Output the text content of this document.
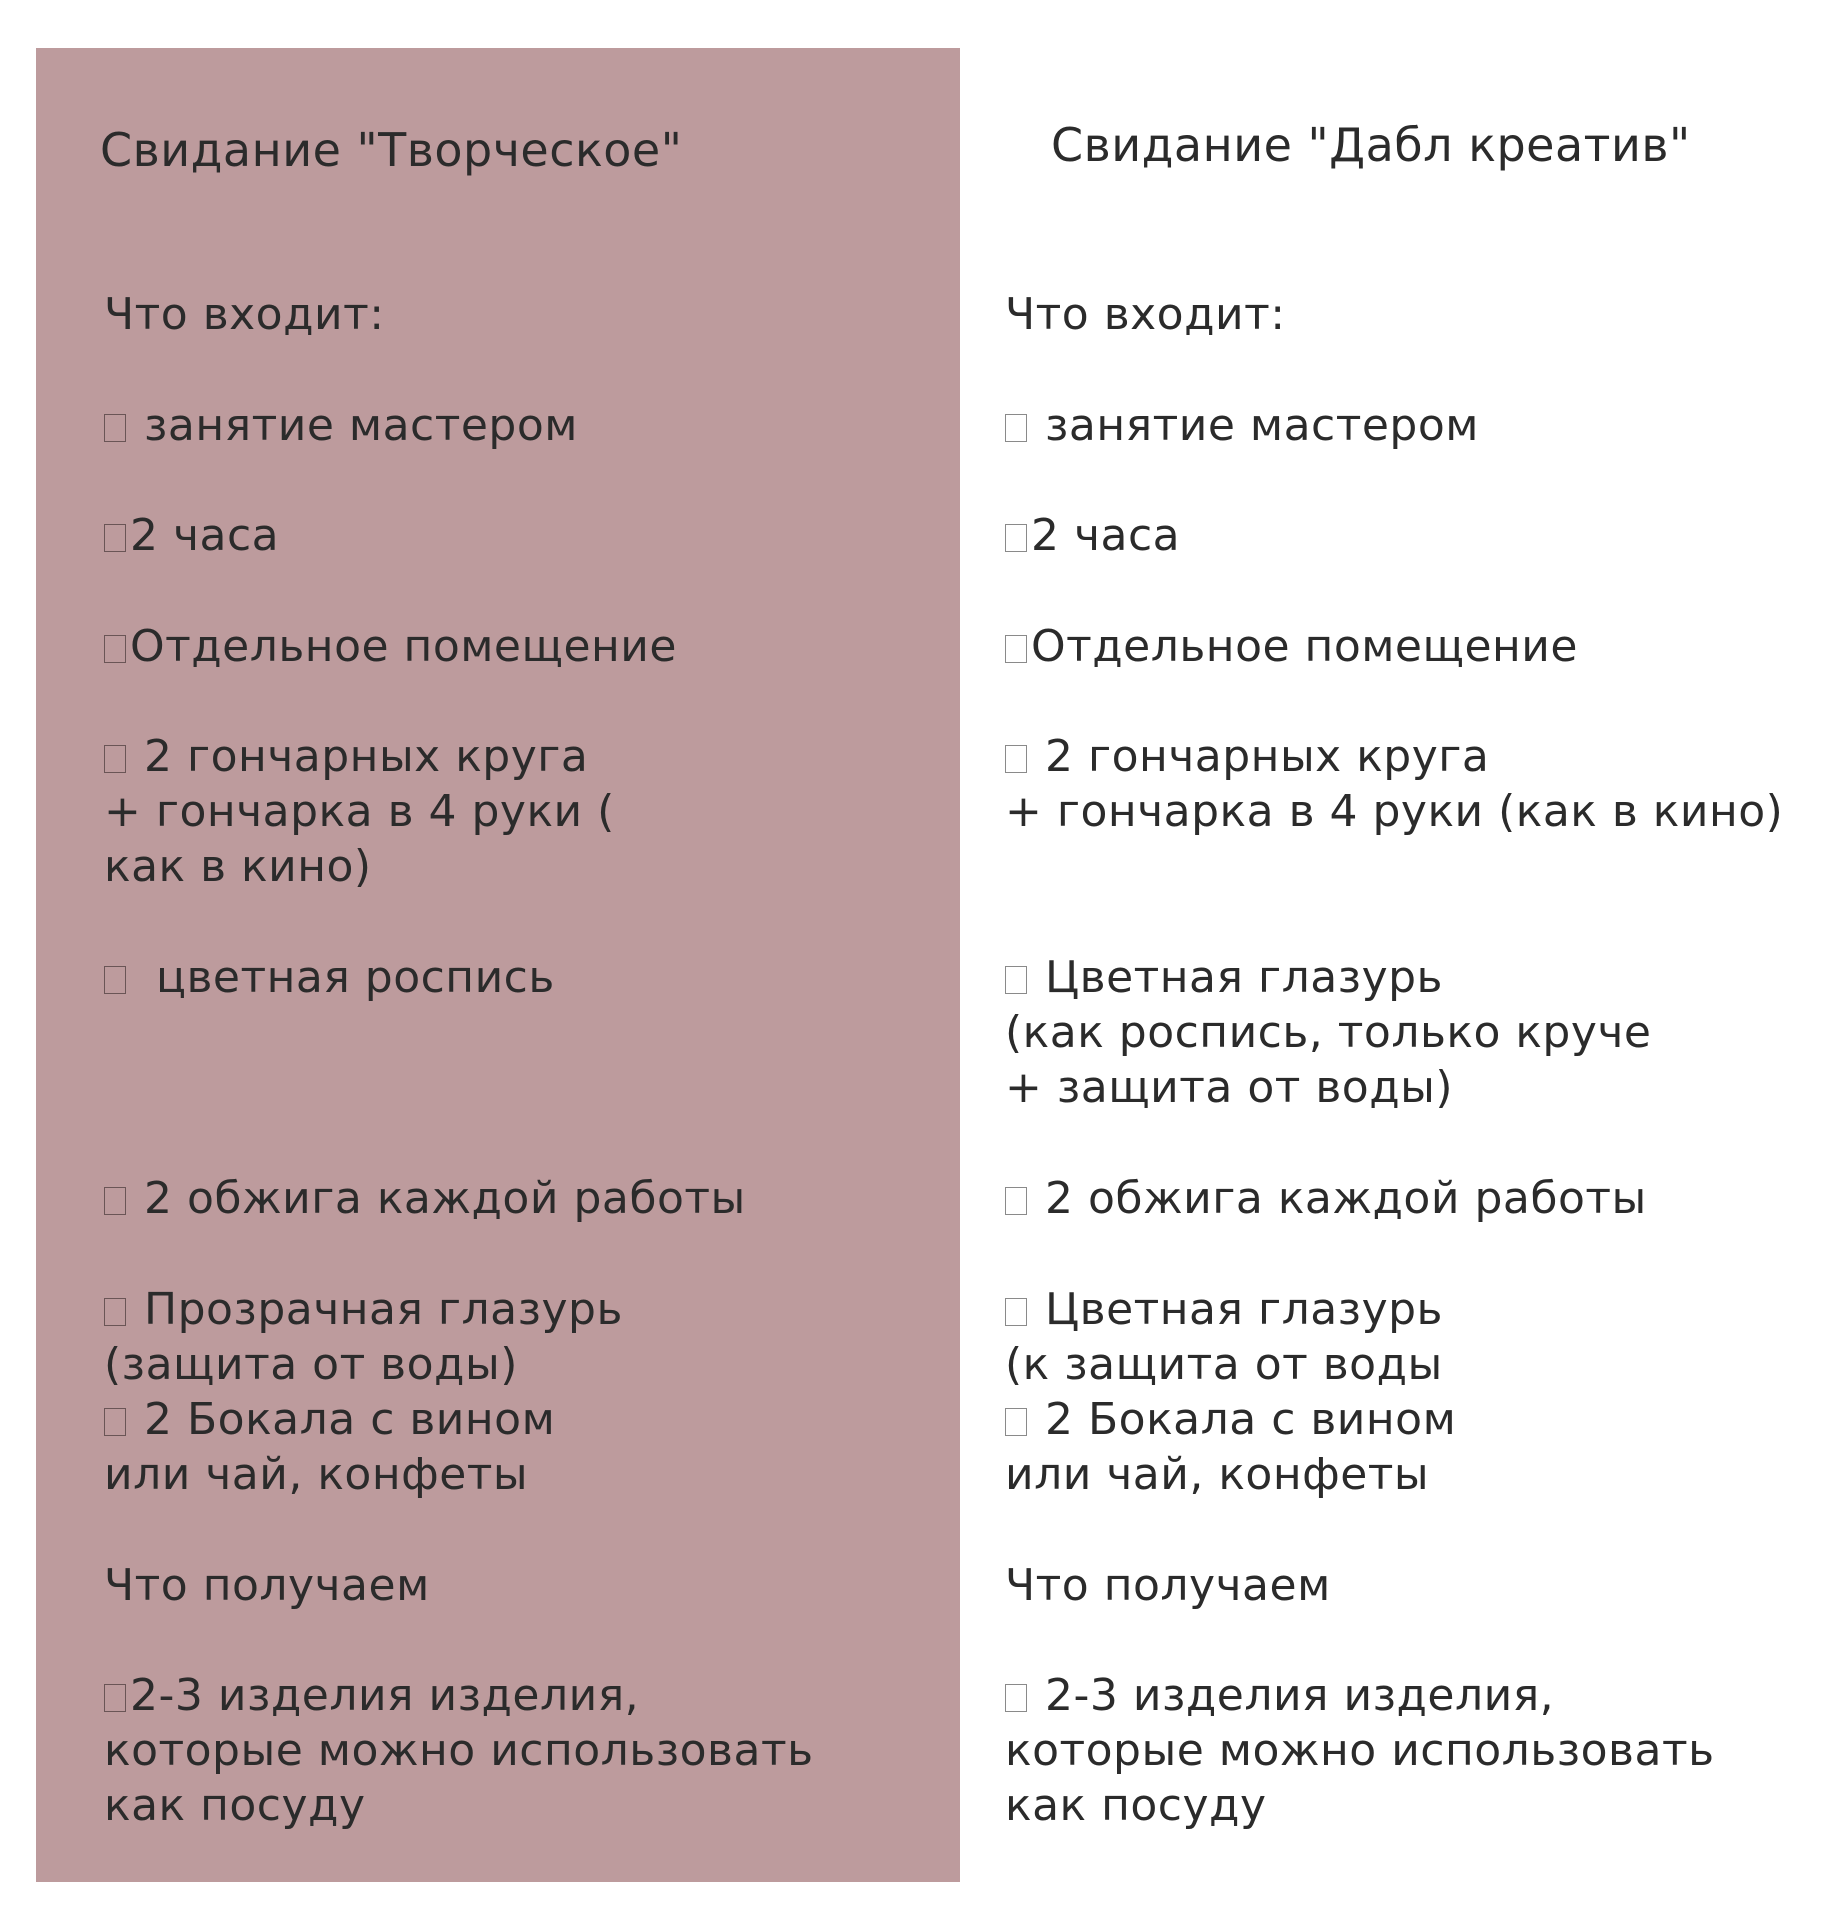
Свидание "Творческое"
Что входит:
занятие мастером
2 часа
Отдельное помещение
2 гончарных круга
+ гончарка в 4 руки (
как в кино)
цветная роспись
2 обжига каждой работы
Прозрачная глазурь
(защита от воды)
2 Бокала с вином
или чай, конфеты
Что получаем
2-3 изделия изделия,
которые можно использовать
как посуду
Свидание "Дабл креатив"
Что входит:
занятие мастером
2 часа
Отдельное помещение
2 гончарных круга
+ гончарка в 4 руки (как в кино)
Цветная глазурь
(как роспись, только круче
+ защита от воды)
2 обжига каждой работы
Цветная глазурь
(к защита от воды
2 Бокала с вином
или чай, конфеты
Что получаем
2-3 изделия изделия,
которые можно использовать
как посуду
